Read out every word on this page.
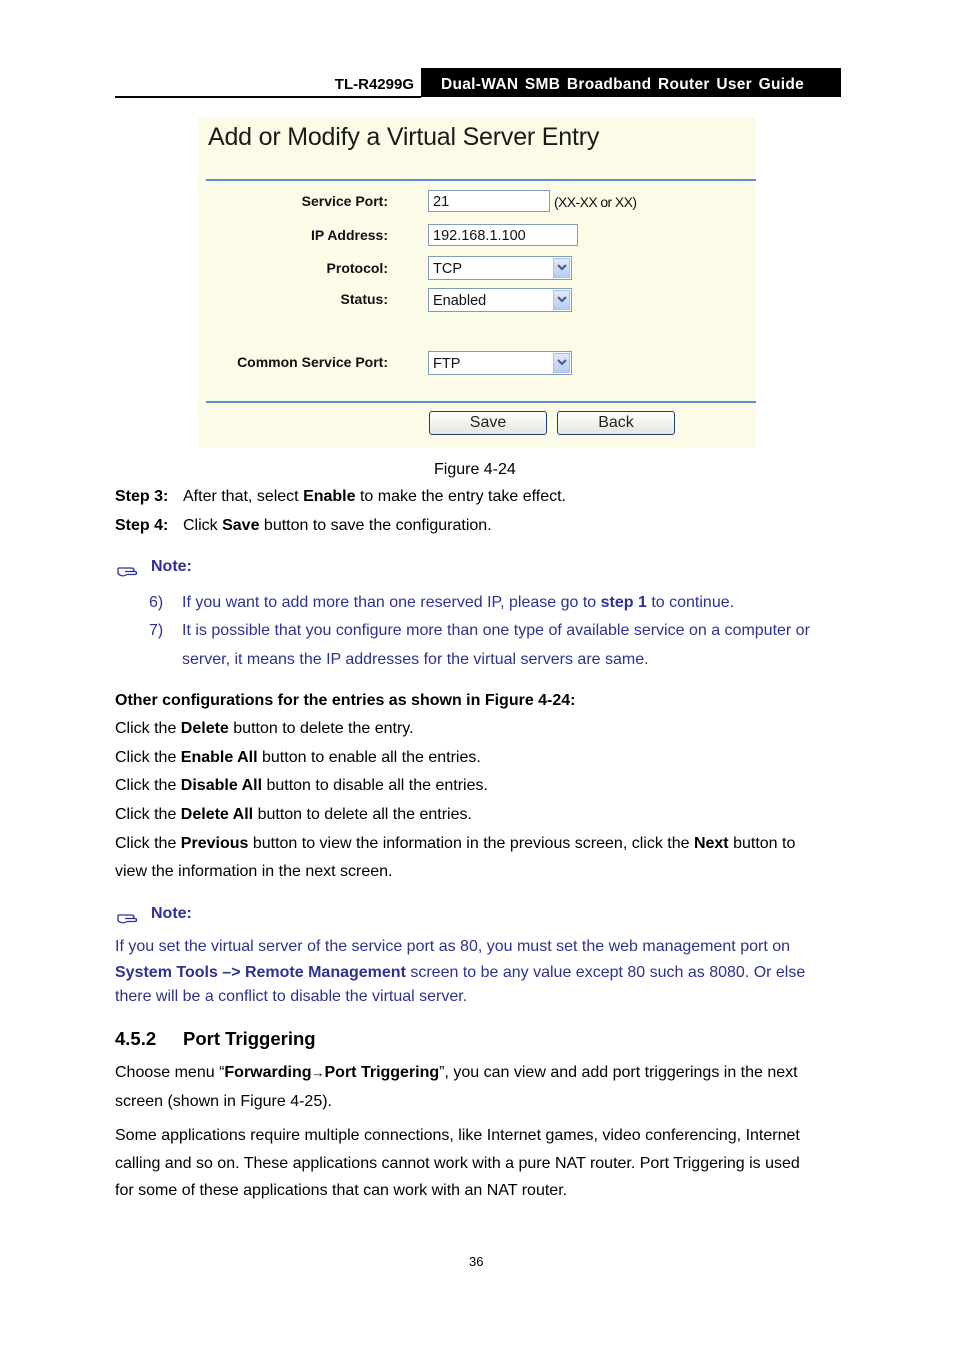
TL-R4299G	Dual-WAN SMB Broadband Router User Guide
Add or Modify a Virtual Server Entry
Service Port:	21	(XX-XX or XX)
IP Address:	192.168.1.100
Protocol:	TCP
Status:	Enabled
Common Service Port:	FTP
Save	Back
Figure 4-24
Step 3: After that, select Enable to make the entry take effect.
Step 4: Click Save button to save the configuration.
Note:
6) If you want to add more than one reserved IP, please go to step 1 to continue.
7) It is possible that you configure more than one type of available service on a computer or
server, it means the IP addresses for the virtual servers are same.
Other configurations for the entries as shown in Figure 4-24:
Click the Delete button to delete the entry.
Click the Enable All button to enable all the entries.
Click the Disable All button to disable all the entries.
Click the Delete All button to delete all the entries.
Click the Previous button to view the information in the previous screen, click the Next button to
view the information in the next screen.
Note:
If you set the virtual server of the service port as 80, you must set the web management port on
System Tools –> Remote Management screen to be any value except 80 such as 8080. Or else
there will be a conflict to disable the virtual server.
4.5.2 Port Triggering
Choose menu “Forwarding→Port Triggering”, you can view and add port triggerings in the next
screen (shown in Figure 4-25).
Some applications require multiple connections, like Internet games, video conferencing, Internet
calling and so on. These applications cannot work with a pure NAT router. Port Triggering is used
for some of these applications that can work with an NAT router.
36
